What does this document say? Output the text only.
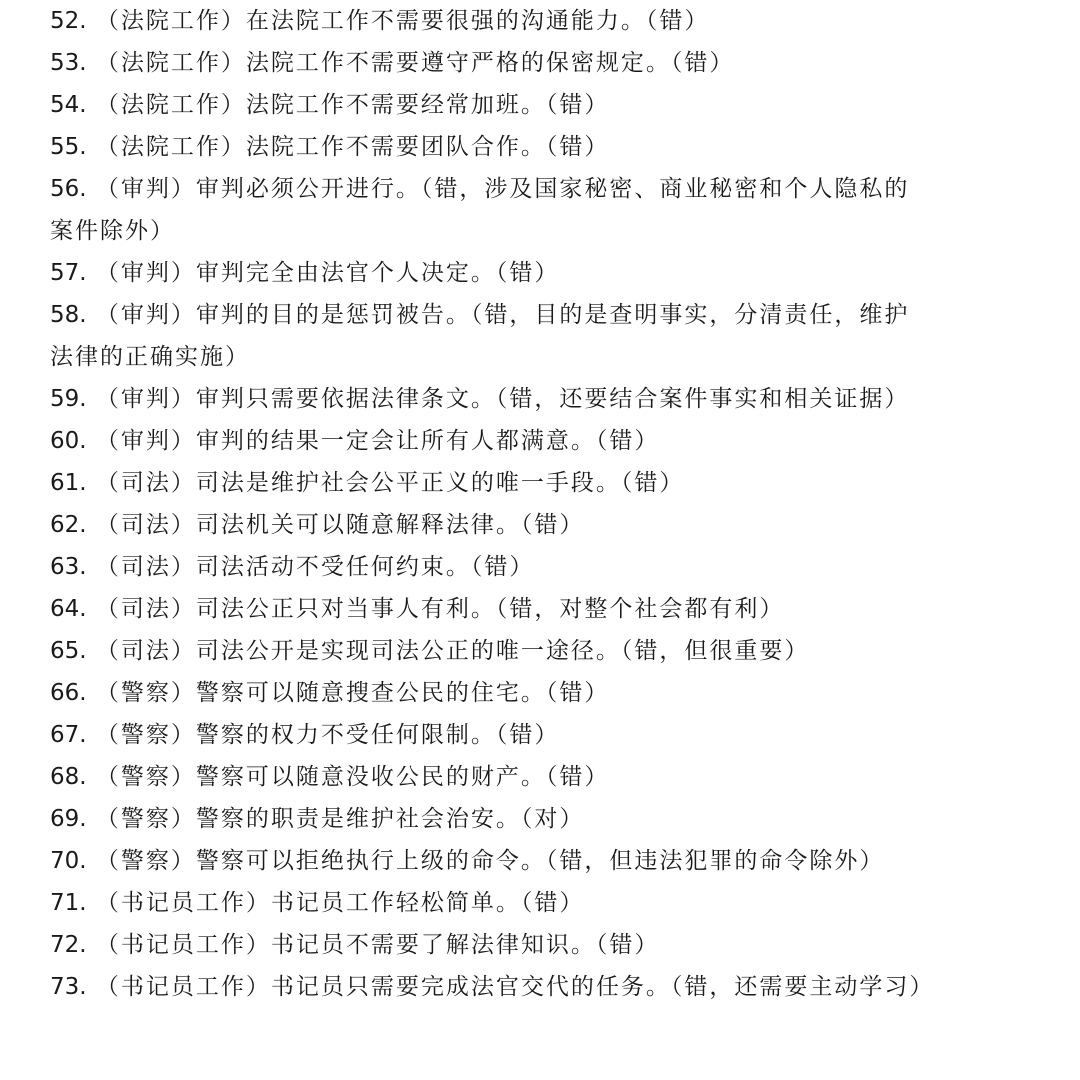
52. （法院工作）在法院工作不需要很强的沟通能力。（错）

53. （法院工作）法院工作不需要遵守严格的保密规定。（错）

54. （法院工作）法院工作不需要经常加班。（错）

55. （法院工作）法院工作不需要团队合作。（错）

56. （审判）审判必须公开进行。（错，涉及国家秘密、商业秘密和个人隐私的
案件除外）

57. （审判）审判完全由法官个人决定。（错）

58. （审判）审判的目的是惩罚被告。（错，目的是查明事实，分清责任，维护
法律的正确实施）

59. （审判）审判只需要依据法律条文。（错，还要结合案件事实和相关证据）

60. （审判）审判的结果一定会让所有人都满意。（错）

61. （司法）司法是维护社会公平正义的唯一手段。（错）

62. （司法）司法机关可以随意解释法律。（错）

63. （司法）司法活动不受任何约束。（错）

64. （司法）司法公正只对当事人有利。（错，对整个社会都有利）

65. （司法）司法公开是实现司法公正的唯一途径。（错，但很重要）

66. （警察）警察可以随意搜查公民的住宅。（错）

67. （警察）警察的权力不受任何限制。（错）

68. （警察）警察可以随意没收公民的财产。（错）

69. （警察）警察的职责是维护社会治安。（对）

70. （警察）警察可以拒绝执行上级的命令。（错，但违法犯罪的命令除外）

71. （书记员工作）书记员工作轻松简单。（错）

72. （书记员工作）书记员不需要了解法律知识。（错）

73. （书记员工作）书记员只需要完成法官交代的任务。（错，还需要主动学习）
